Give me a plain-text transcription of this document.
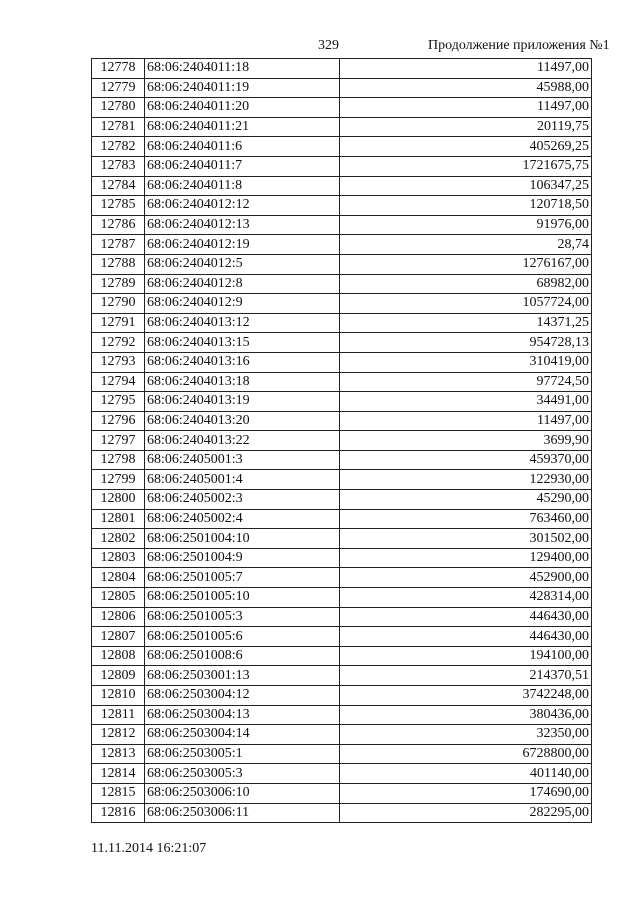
329	Продолжение приложения №1
12778	68:06:2404011:18	11497,00
12779	68:06:2404011:19	45988,00
12780	68:06:2404011:20	11497,00
12781	68:06:2404011:21	20119,75
12782	68:06:2404011:6	405269,25
12783	68:06:2404011:7	1721675,75
12784	68:06:2404011:8	106347,25
12785	68:06:2404012:12	120718,50
12786	68:06:2404012:13	91976,00
12787	68:06:2404012:19	28,74
12788	68:06:2404012:5	1276167,00
12789	68:06:2404012:8	68982,00
12790	68:06:2404012:9	1057724,00
12791	68:06:2404013:12	14371,25
12792	68:06:2404013:15	954728,13
12793	68:06:2404013:16	310419,00
12794	68:06:2404013:18	97724,50
12795	68:06:2404013:19	34491,00
12796	68:06:2404013:20	11497,00
12797	68:06:2404013:22	3699,90
12798	68:06:2405001:3	459370,00
12799	68:06:2405001:4	122930,00
12800	68:06:2405002:3	45290,00
12801	68:06:2405002:4	763460,00
12802	68:06:2501004:10	301502,00
12803	68:06:2501004:9	129400,00
12804	68:06:2501005:7	452900,00
12805	68:06:2501005:10	428314,00
12806	68:06:2501005:3	446430,00
12807	68:06:2501005:6	446430,00
12808	68:06:2501008:6	194100,00
12809	68:06:2503001:13	214370,51
12810	68:06:2503004:12	3742248,00
12811	68:06:2503004:13	380436,00
12812	68:06:2503004:14	32350,00
12813	68:06:2503005:1	6728800,00
12814	68:06:2503005:3	401140,00
12815	68:06:2503006:10	174690,00
12816	68:06:2503006:11	282295,00
11.11.2014 16:21:07
